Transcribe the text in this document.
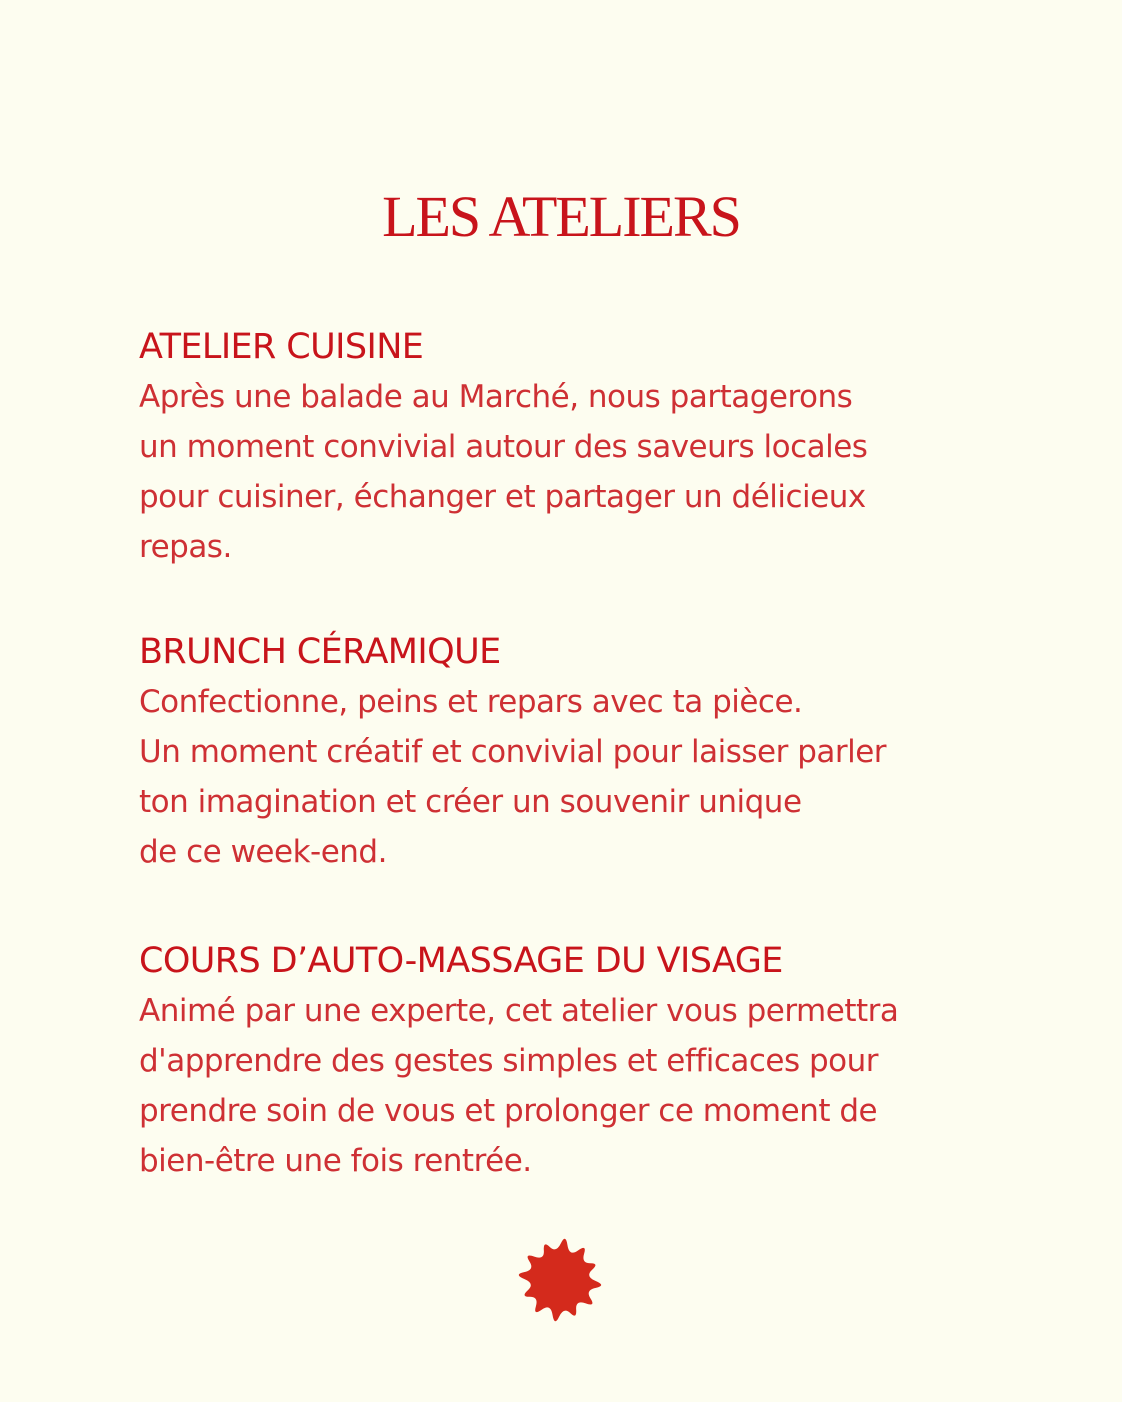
LES ATELIERS
ATELIER CUISINE

Après une balade au Marché, nous partagerons
un moment convivial autour des saveurs locales
pour cuisiner, échanger et partager un délicieux
repas.

BRUNCH CÉRAMIQUE

Confectionne, peins et repars avec ta pièce.
Un moment créatif et convivial pour laisser parler
ton imagination et créer un souvenir unique
de ce week-end.

COURS D’AUTO-MASSAGE DU VISAGE

Animé par une experte, cet atelier vous permettra
d'apprendre des gestes simples et efficaces pour
prendre soin de vous et prolonger ce moment de
bien-être une fois rentrée.
